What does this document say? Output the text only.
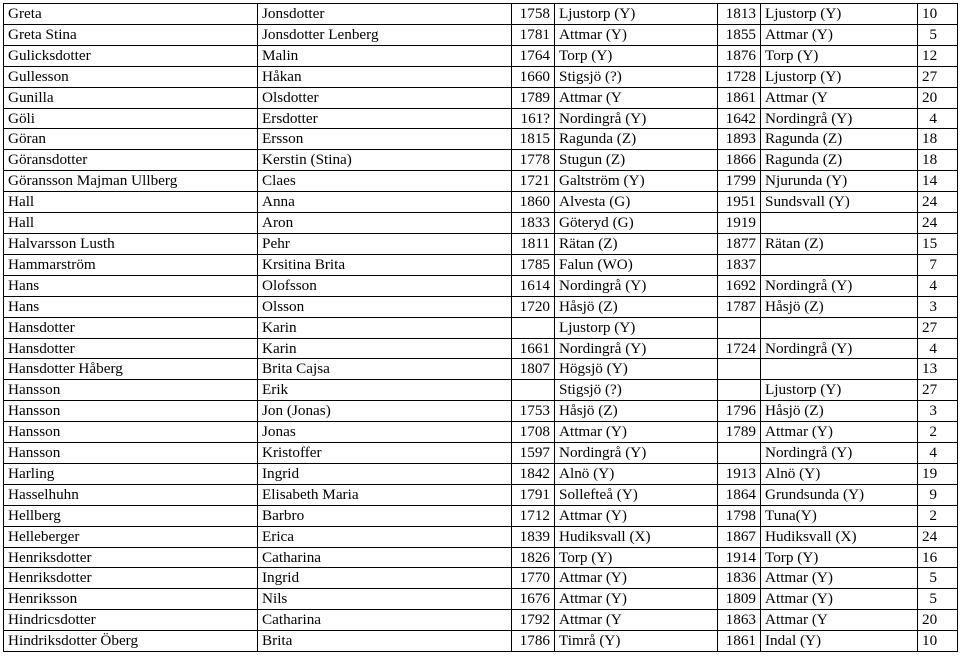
Greta	Jonsdotter	1758	Ljustorp (Y)	1813	Ljustorp (Y)	10
Greta Stina	Jonsdotter Lenberg	1781	Attmar (Y)	1855	Attmar (Y)	5
Gulicksdotter	Malin	1764	Torp (Y)	1876	Torp (Y)	12
Gullesson	Håkan	1660	Stigsjö (?)	1728	Ljustorp (Y)	27
Gunilla	Olsdotter	1789	Attmar (Y	1861	Attmar (Y	20
Göli	Ersdotter	161?	Nordingrå (Y)	1642	Nordingrå (Y)	4
Göran	Ersson	1815	Ragunda (Z)	1893	Ragunda (Z)	18
Göransdotter	Kerstin (Stina)	1778	Stugun (Z)	1866	Ragunda (Z)	18
Göransson Majman Ullberg	Claes	1721	Galtström (Y)	1799	Njurunda (Y)	14
Hall	Anna	1860	Alvesta (G)	1951	Sundsvall (Y)	24
Hall	Aron	1833	Göteryd (G)	1919		24
Halvarsson Lusth	Pehr	1811	Rätan (Z)	1877	Rätan (Z)	15
Hammarström	Krsitina Brita	1785	Falun (WO)	1837		7
Hans	Olofsson	1614	Nordingrå (Y)	1692	Nordingrå (Y)	4
Hans	Olsson	1720	Håsjö (Z)	1787	Håsjö (Z)	3
Hansdotter	Karin		Ljustorp (Y)			27
Hansdotter	Karin	1661	Nordingrå (Y)	1724	Nordingrå (Y)	4
Hansdotter Håberg	Brita Cajsa	1807	Högsjö (Y)			13
Hansson	Erik		Stigsjö (?)		Ljustorp (Y)	27
Hansson	Jon (Jonas)	1753	Håsjö (Z)	1796	Håsjö (Z)	3
Hansson	Jonas	1708	Attmar (Y)	1789	Attmar (Y)	2
Hansson	Kristoffer	1597	Nordingrå (Y)		Nordingrå (Y)	4
Harling	Ingrid	1842	Alnö (Y)	1913	Alnö (Y)	19
Hasselhuhn	Elisabeth Maria	1791	Sollefteå (Y)	1864	Grundsunda (Y)	9
Hellberg	Barbro	1712	Attmar (Y)	1798	Tuna(Y)	2
Helleberger	Erica	1839	Hudiksvall (X)	1867	Hudiksvall (X)	24
Henriksdotter	Catharina	1826	Torp (Y)	1914	Torp (Y)	16
Henriksdotter	Ingrid	1770	Attmar (Y)	1836	Attmar (Y)	5
Henriksson	Nils	1676	Attmar (Y)	1809	Attmar (Y)	5
Hindricsdotter	Catharina	1792	Attmar (Y	1863	Attmar (Y	20
Hindriksdotter Öberg	Brita	1786	Timrå (Y)	1861	Indal (Y)	10
